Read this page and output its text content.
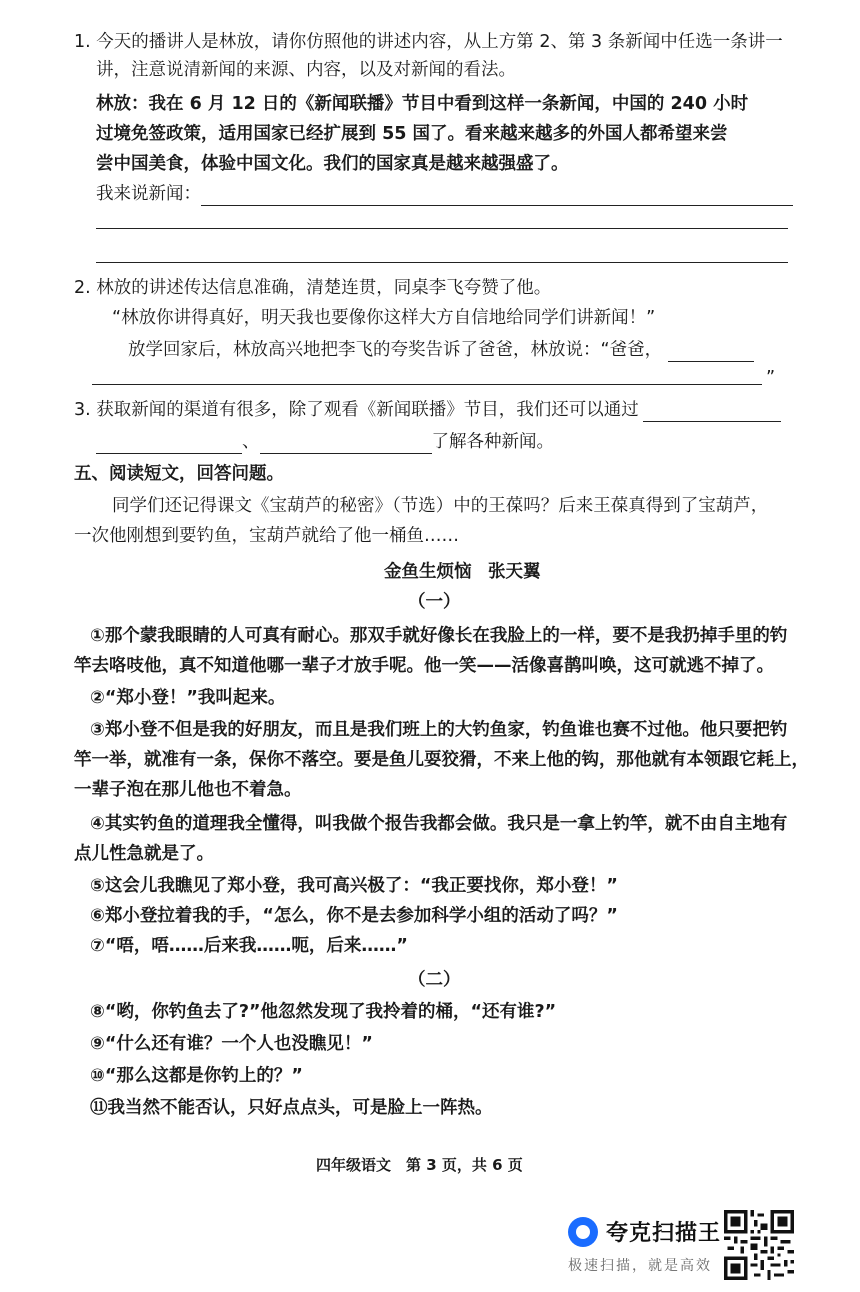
1. 今天的播讲人是林放，请你仿照他的讲述内容，从上方第 2、第 3 条新闻中任选一条讲一
讲，注意说清新闻的来源、内容，以及对新闻的看法。
林放：我在 6 月 12 日的《新闻联播》节目中看到这样一条新闻，中国的 240 小时
过境免签政策，适用国家已经扩展到 55 国了。看来越来越多的外国人都希望来尝
尝中国美食，体验中国文化。我们的国家真是越来越强盛了。
我来说新闻：
2. 林放的讲述传达信息准确，清楚连贯，同桌李飞夸赞了他。
“林放你讲得真好，明天我也要像你这样大方自信地给同学们讲新闻！”
放学回家后，林放高兴地把李飞的夸奖告诉了爸爸，林放说：“爸爸，
”
3. 获取新闻的渠道有很多，除了观看《新闻联播》节目，我们还可以通过
、	了解各种新闻。
五、阅读短文，回答问题。
同学们还记得课文《宝葫芦的秘密》（节选）中的王葆吗？后来王葆真得到了宝葫芦，
一次他刚想到要钓鱼，宝葫芦就给了他一桶鱼……
金鱼生烦恼 张天翼
（一）
①那个蒙我眼睛的人可真有耐心。那双手就好像长在我脸上的一样，要不是我扔掉手里的钓
竿去咯吱他，真不知道他哪一辈子才放手呢。他一笑——活像喜鹊叫唤，这可就逃不掉了。
②“郑小登！”我叫起来。
③郑小登不但是我的好朋友，而且是我们班上的大钓鱼家，钓鱼谁也赛不过他。他只要把钓
竿一举，就准有一条，保你不落空。要是鱼儿耍狡猾，不来上他的钩，那他就有本领跟它耗上，
一辈子泡在那儿他也不着急。
④其实钓鱼的道理我全懂得，叫我做个报告我都会做。我只是一拿上钓竿，就不由自主地有
点儿性急就是了。
⑤这会儿我瞧见了郑小登，我可高兴极了：“我正要找你，郑小登！”
⑥郑小登拉着我的手，“怎么，你不是去参加科学小组的活动了吗？”
⑦“唔，唔……后来我……呃，后来……”
（二）
⑧“哟，你钓鱼去了?”他忽然发现了我拎着的桶，“还有谁?”
⑨“什么还有谁？一个人也没瞧见！”
⑩“那么这都是你钓上的？”
⑪我当然不能否认，只好点点头，可是脸上一阵热。
四年级语文　第 3 页，共 6 页
夸克扫描王
极速扫描，就是高效
